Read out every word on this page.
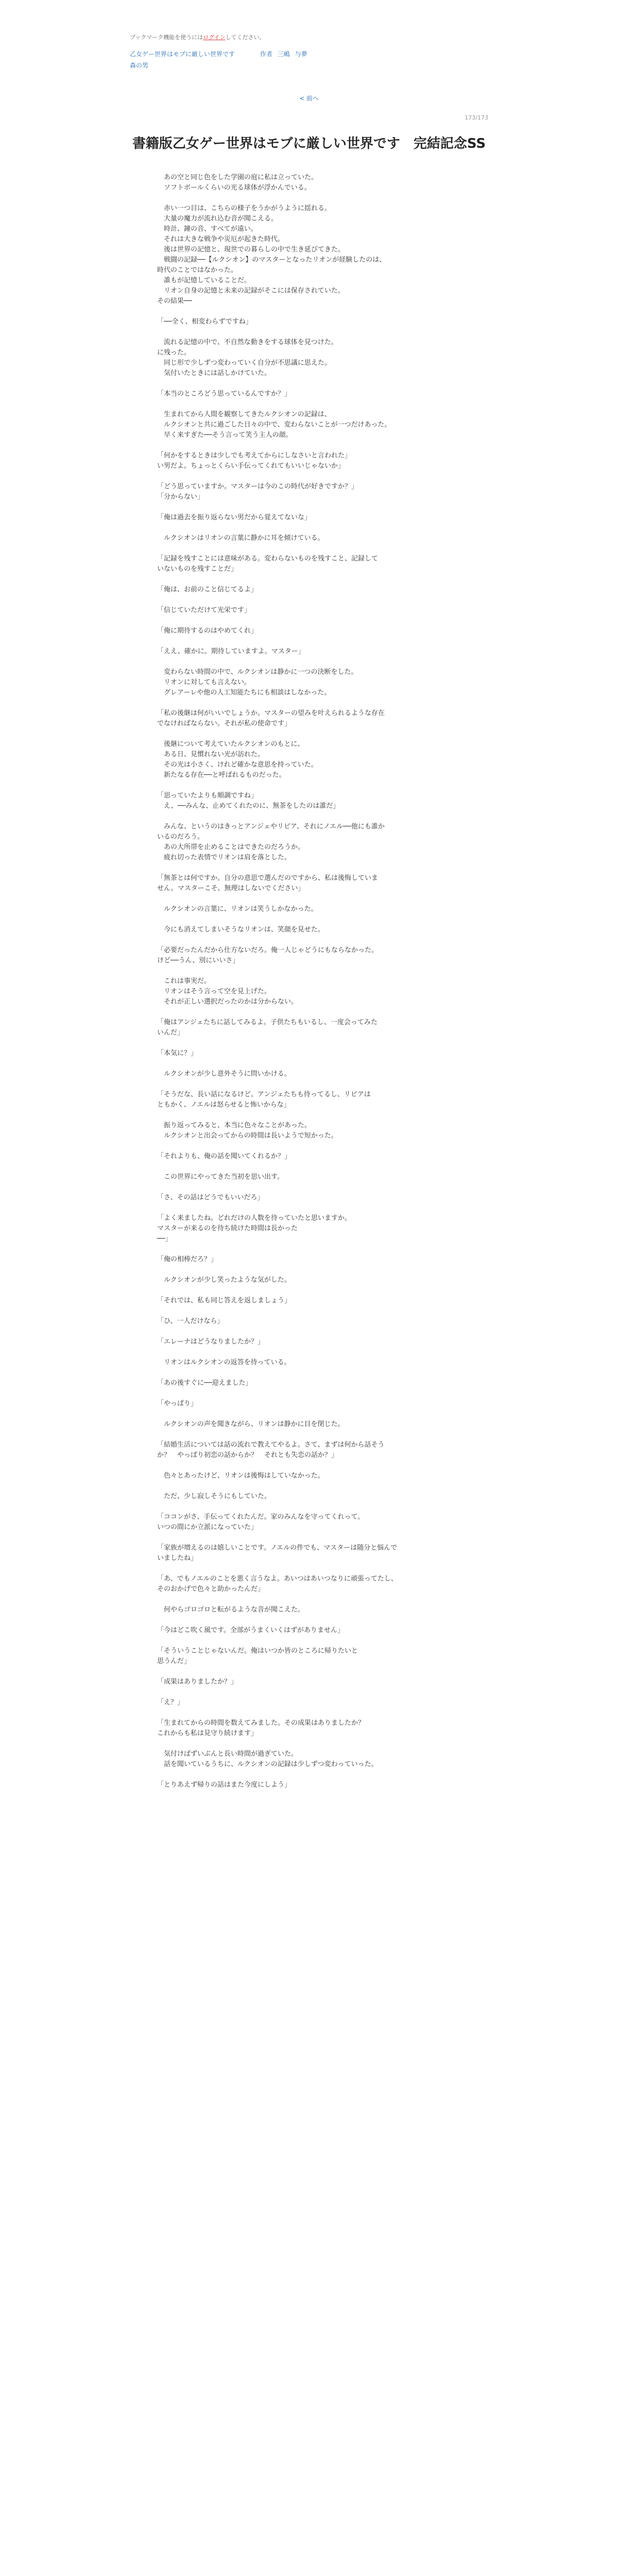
ブックマーク機能を使うにはログインしてください。
乙女ゲー世界はモブに厳しい世界です	作者 三嶋 与夢
森の男
< 前へ
173/173
書籍版乙女ゲー世界はモブに厳しい世界です　完結記念SS

　あの空と同じ色をした学園の庭に私は立っていた。

　ソフトボールくらいの光る球体が浮かんでいる。

　赤い一つ目は、こちらの様子をうかがうように揺れる。

　大量の魔力が流れ込む音が聞こえる。

　時計、鐘の音、すべてが遠い。

　それは大きな戦争や災厄が起きた時代。

　後は世界の記憶と、現世での暮らしの中で生き延びてきた。

　戦闘の記録──【ルクシオン】のマスターとなったリオンが経験したのは、

時代のことではなかった。

　誰もが記憶していることだ。

　リオン自身の記憶と未来の記録がそこには保存されていた。

その結果──

「──全く、相変わらずですね」

　流れる記憶の中で、不自然な動きをする球体を見つけた。

に残った。

　同じ形で少しずつ変わっていく自分が不思議に思えた。

　気付いたときには話しかけていた。

「本当のところどう思っているんですか？」

　生まれてから人間を観察してきたルクシオンの記録は、

　ルクシオンと共に過ごした日々の中で、変わらないことが一つだけあった。

　早く来すぎた──そう言って笑う主人の顔。

「何かをするときは少しでも考えてからにしなさいと言われた」

い男だよ。ちょっとくらい手伝ってくれてもいいじゃないか」

「どう思っていますか。マスターは今のこの時代が好きですか？」

「分からない」

「俺は過去を振り返らない男だから覚えてないな」

　ルクシオンはリオンの言葉に静かに耳を傾けている。

「記録を残すことには意味がある。変わらないものを残すこと、記録して

いないものを残すことだ」

「俺は、お前のこと信じてるよ」

「信じていただけて光栄です」

「俺に期待するのはやめてくれ」

「ええ、確かに。期待していますよ。マスター」

　変わらない時間の中で、ルクシオンは静かに一つの決断をした。

　リオンに対しても言えない。

　グレアーレや他の人工知能たちにも相談はしなかった。

「私の後継は何がいいでしょうか。マスターの望みを叶えられるような存在

でなければならない。それが私の使命です」

　後継について考えていたルクシオンのもとに、

　ある日、見慣れない光が訪れた。

　その光は小さく、けれど確かな意思を持っていた。

　新たなる存在──と呼ばれるものだった。

「思っていたよりも順調ですね」

　え、──みんな、止めてくれたのに、無茶をしたのは誰だ」

　みんな、というのはきっとアンジェやリビア、それにノエル──他にも誰か

いるのだろう。

　あの大所帯を止めることはできたのだろうか。

　疲れ切った表情でリオンは肩を落とした。

「無茶とは何ですか。自分の意思で選んだのですから、私は後悔していま

せん。マスターこそ、無理はしないでください」

　ルクシオンの言葉に、リオンは笑うしかなかった。

　今にも消えてしまいそうなリオンは、笑顔を見せた。

「必要だったんだから仕方ないだろ。俺一人じゃどうにもならなかった。

けど──うん、別にいいさ」

　これは事実だ。

　リオンはそう言って空を見上げた。

　それが正しい選択だったのかは分からない。

「俺はアンジェたちに話してみるよ。子供たちもいるし、一度会ってみた

いんだ」

「本気に？」

　ルクシオンが少し意外そうに問いかける。

「そうだな、長い話になるけど。アンジェたちも待ってるし、リビアは

ともかく、ノエルは怒らせると怖いからな」

　振り返ってみると、本当に色々なことがあった。

　ルクシオンと出会ってからの時間は長いようで短かった。

「それよりも、俺の話を聞いてくれるか？」

　この世界にやってきた当初を思い出す。

「さ、その話はどうでもいいだろ」

「よく来ましたね。どれだけの人数を待っていたと思いますか。

マスターが来るのを待ち続けた時間は長かった

──」

「俺の相棒だろ？」

　ルクシオンが少し笑ったような気がした。

「それでは、私も同じ答えを返しましょう」

「ひ、一人だけなら」

「エレーナはどうなりましたか？」

　リオンはルクシオンの返答を待っている。

「あの後すぐに──迎えました」

「やっぱり」

　ルクシオンの声を聞きながら、リオンは静かに目を閉じた。

「結婚生活については話の流れで教えてやるよ。さて、まずは何から話そう

か？　やっぱり初恋の話からか？　それとも失恋の話か？」

　色々とあったけど、リオンは後悔はしていなかった。

　ただ、少し寂しそうにもしていた。

「ココンがさ、手伝ってくれたんだ。家のみんなを守ってくれって。

いつの間にか立派になっていた」

「家族が増えるのは嬉しいことです。ノエルの件でも、マスターは随分と悩んで

いましたね」

「あ、でもノエルのことを悪く言うなよ。あいつはあいつなりに頑張ってたし、

そのおかげで色々と助かったんだ」

　何やらゴロゴロと転がるような音が聞こえた。

「今はどこ吹く風です。全部がうまくいくはずがありません」

「そういうことじゃないんだ。俺はいつか皆のところに帰りたいと

思うんだ」

「成果はありましたか？」

「え？」

「生まれてからの時間を数えてみました。その成果はありましたか？

これからも私は見守り続けます」

　気付けばずいぶんと長い時間が過ぎていた。

　話を聞いているうちに、ルクシオンの記録は少しずつ変わっていった。

「とりあえず帰りの話はまた今度にしよう」
